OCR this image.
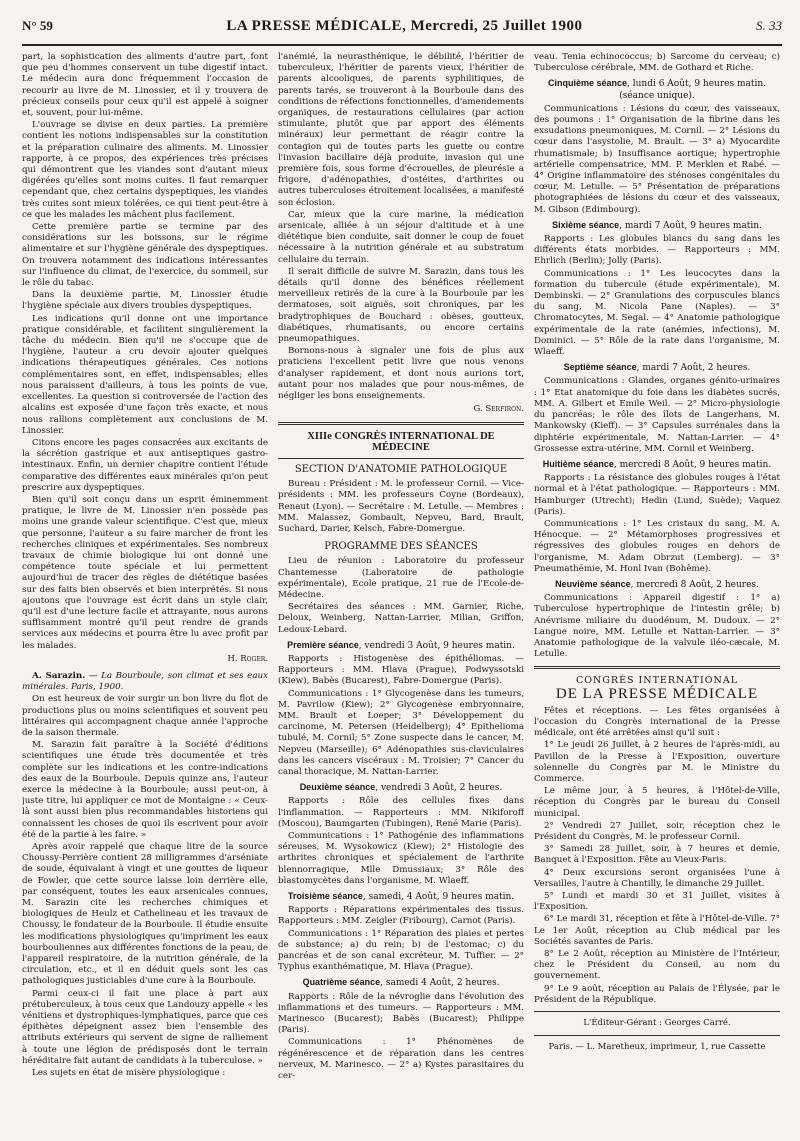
N° 59	LA PRESSE MÉDICALE, Mercredi, 25 Juillet 1900	S. 33

part, la sophistication des aliments d'autre part, font que peu d'hommes conservent un tube digestif intact. Le médecin aura donc fréquemment l'occasion de recourir au livre de M. Linossier, et il y trouvera de précieux conseils pour ceux qu'il est appelé à soigner et, souvent, pour lui-même.

L'ouvrage se divise en deux parties. La première contient les notions indispensables sur la constitution et la préparation culinaire des aliments. M. Linossier rapporte, à ce propos, des expériences très précises qui démontrent que les viandes sont d'autant mieux digérées qu'elles sont moins cuites. Il faut remarquer cependant que, chez certains dyspeptiques, les viandes très cuites sont mieux tolérées, ce qui tient peut-être à ce que les malades les mâchent plus facilement.

Cette première partie se termine par des considérations sur les boissons, sur le régime alimentaire et sur l'hygiène générale des dyspeptiques. On trouvera notamment des indications intéressantes sur l'influence du climat, de l'exercice, du sommeil, sur le rôle du tabac.

Dans la deuxième partie, M. Linossier étudie l'hygiène spéciale aux divers troubles dyspeptiques.

Les indications qu'il donne ont une importance pratique considérable, et facilitent singulièrement la tâche du médecin. Bien qu'il ne s'occupe que de l'hygiène, l'auteur a cru devoir ajouter quelques indications thérapeutiques générales. Ces notions complémentaires sont, en effet, indispensables; elles nous paraissent d'ailleurs, à tous les points de vue, excellentes. La question si controversée de l'action des alcalins est exposée d'une façon très exacte, et nous nous rallions complètement aux conclusions de M. Linossier.

Citons encore les pages consacrées aux excitants de la sécrétion gastrique et aux antiseptiques gastro-intestinaux. Enfin, un dernier chapitre contient l'étude comparative des différentes eaux minérales qu'on peut prescrire aux dyspeptiques.

Bien qu'il soit conçu dans un esprit éminemment pratique, le livre de M. Linossier n'en possède pas moins une grande valeur scientifique. C'est que, mieux que personne, l'auteur a su faire marcher de front les recherches cliniques et expérimentales. Ses nombreux travaux de chimie biologique lui ont donné une compétence toute spéciale et lui permettent aujourd'hui de tracer des règles de diététique basées sur des faits bien observés et bien interprétés. Si nous ajoutons que l'ouvrage est écrit dans un style clair, qu'il est d'une lecture facile et attrayante, nous aurons suffisamment montré qu'il peut rendre de grands services aux médecins et pourra être lu avec profit par les malades.

H. Roger.

A. Sarazin. — La Bourboule, son climat et ses eaux minérales. Paris, 1900.

On est heureux de voir surgir un bon livre du flot de productions plus ou moins scientifiques et souvent peu littéraires qui accompagnent chaque année l'approche de la saison thermale.

M. Sarazin fait paraître à la Société d'éditions scientifiques une étude très documentée et très complète sur les indications et les contre-indications des eaux de la Bourboule. Depuis quinze ans, l'auteur exerce la médecine à la Bourboule; aussi peut-on, à juste titre, lui appliquer ce mot de Montaigne : « Ceux-là sont aussi bien plus recommandables historiens qui connaissent les choses de quoi ils escrivent pour avoir été de la partie à les faire. »

Après avoir rappelé que chaque litre de la source Choussy-Perrière contient 28 milligrammes d'arséniate de soude, équivalant à vingt et une gouttes de liqueur de Fowler, que cette source laisse loin derrière elle, par conséquent, toutes les eaux arsenicales connues, M. Sarazin cite les recherches chimiques et biologiques de Heulz et Cathelineau et les travaux de Choussy, le fondateur de la Bourboule. Il étudie ensuite les modifications physiologiques qu'impriment les eaux bourbouliennes aux différentes fonctions de la peau, de l'appareil respiratoire, de la nutrition générale, de la circulation, etc., et il en déduit quels sont les cas pathologiques justiciables d'une cure à la Bourboule.

Parmi ceux-ci il fait une place à part aux prétuberculeux, à tous ceux que Landouzy appelle « les vénitiens et dystrophiques-lymphatiques, parce que ces épithètes dépeignent assez bien l'ensemble des attributs extérieurs qui servent de signe de ralliement à toute une légion de prédisposés dont le terrain héréditaire fait autant de candidats à la tuberculose. »

Les sujets en état de misère physiologique :

l'anémié, la neurasthénique, le débilité, l'héritier de tuberculeux, l'héritier de parents vieux, l'héritier de parents alcooliques, de parents syphilitiques, de parents tarés, se trouveront à la Bourboule dans des conditions de réfections fonctionnelles, d'amendements organiques, de restaurations cellulaires (par action stimulante, plutôt que par apport des éléments minéraux) leur permettant de réagir contre la contagion qui de toutes parts les guette ou contre l'invasion bacillaire déjà produite, invasion qui une première fois, sous forme d'écrouelles, de pleurésie a frigore, d'adénopathies, d'ostéites, d'arthrites ou autres tuberculoses étroitement localisées, a manifesté son éclosion.

Car, mieux que la cure marine, la médication arsenicale, alliée à un séjour d'altitude et à une diététique bien conduite, sait donner le coup de fouet nécessaire à la nutrition générale et au substratum cellulaire du terrain.

Il serait difficile de suivre M. Sarazin, dans tous les détails qu'il donne des bénéfices réellement merveilleux retirés de la cure à la Bourboule par les dermatoses, soit aiguës, soit chroniques, par les bradytrophiques de Bouchard : obèses, goutteux, diabétiques, rhumatisants, ou encore certains pneumopathiques.

Bornons-nous à signaler une fois de plus aux praticiens l'excellent petit livre que nous venons d'analyser rapidement, et dont nous aurions tort, autant pour nos malades que pour nous-mêmes, de négliger les bons enseignements.

G. Serfiron.
XIIIe CONGRÈS INTERNATIONAL DE MÉDECINE
SECTION D'ANATOMIE PATHOLOGIQUE

Bureau : Président : M. le professeur Cornil. — Vice-présidents : MM. les professeurs Coyne (Bordeaux), Renaut (Lyon). — Secrétaire : M. Letulle. — Membres : MM. Malassez, Gombault, Nepveu, Bard, Brault, Suchard, Darier, Kelsch, Fabre-Domergue.

PROGRAMME DES SÉANCES

Lieu de réunion : Laboratoire du professeur Chantemesse (Laboratoire de pathologie expérimentale), Ecole pratique, 21 rue de l'Ecole-de-Médecine.

Secrétaires des séances : MM. Garnier, Riche, Deloux, Weinberg, Nattan-Larrier, Milian, Griffon, Ledoux-Lebard.

Première séance, vendredi 3 Août, 9 heures matin.

Rapports : Histogenèse des épithéliomas. — Rapporteurs : MM. Hlava (Prague), Podwyssotski (Kiew), Babès (Bucarest), Fabre-Domergue (Paris).

Communications : 1° Glycogenèse dans les tumeurs, M. Pavrilow (Kiew); 2° Glycogenèse embryonnaire, MM. Brault et Loeper; 3° Développement du carcinome, M. Petersen (Heidelberg); 4° Epithelioma tubulé, M. Cornil; 5° Zone suspecte dans le cancer, M. Nepveu (Marseille); 6° Adénopathies sus-claviculaires dans les cancers viscéraux : M. Troisier; 7° Cancer du canal thoracique, M. Nattan-Larrier.

Deuxième séance, vendredi 3 Août, 2 heures.

Rapports : Rôle des cellules fixes dans l'inflammation. — Rapporteurs : MM. Nikiforoff (Moscou), Baumgarten (Tubingen), René Marie (Paris).

Communications : 1° Pathogénie des inflammations séreuses, M. Wysokowicz (Kiew); 2° Histologie des arthrites chroniques et spécialement de l'arthrite blennorragique, Mlle Dmussiaux; 3° Rôle des blastomycètes dans l'organisme, M. Wlaeff.

Troisième séance, samedi, 4 Août, 9 heures matin.

Rapports : Réparations expérimentales des tissus. Rapporteurs : MM. Zeigler (Fribourg), Carnot (Paris).

Communications : 1° Réparation des plaies et pertes de substance; a) du rein; b) de l'estomac; c) du pancréas et de son canal excréteur, M. Tuffier. — 2° Typhus exanthématique, M. Hlava (Prague).

Quatrième séance, samedi 4 Août, 2 heures.

Rapports : Rôle de la névroglie dans l'évolution des inflammations et des tumeurs. — Rapporteurs : MM. Marinesco (Bucarest); Babès (Bucarest); Philippe (Paris).

Communications : 1° Phénomènes de régénérescence et de réparation dans les centres nerveux, M. Marinesco. — 2° a) Kystes parasitaires du cer-

veau. Tenia echinococcus; b) Sarcome du cerveau; c) Tuberculose cérébrale, MM. de Gothard et Riche.

Cinquième séance, lundi 6 Août, 9 heures matin. (séance unique).

Communications : Lésions du cœur, des vaisseaux, des poumons : 1° Organisation de la fibrine dans les exsudations pneumoniques, M. Cornil. — 2° Lésions du cœur dans l'asystolie, M. Brault. — 3° a) Myocardite rhumatismale; b) Insuffisance aortique; hypertrophie artérielle compensatrice, MM. P. Merklen et Rabé. — 4° Origine inflammatoire des sténoses congénitales du cœur, M. Letulle. — 5° Présentation de préparations photographiées de lésions du cœur et des vaisseaux, M. Gibson (Edimbourg).

Sixième séance, mardi 7 Août, 9 heures matin.

Rapports : Les globules blancs du sang dans les différents états morbides. — Rapporteurs : MM. Ehrlich (Berlin); Jolly (Paris).

Communications : 1° Les leucocytes dans la formation du tubercule (étude expérimentale), M. Dembinski. — 2° Granulations des corpuscules blancs du sang, M. Nicola Pane (Naples). — 3° Chromatocytes, M. Segal. — 4° Anatomie pathologique expérimentale de la rate (anémies, infections), M. Dominici. — 5° Rôle de la rate dans l'organisme, M. Wlaeff.

Septième séance, mardi 7 Août, 2 heures.

Communications : Glandes, organes génito-urinaires : 1° Etat anatomique du foie dans les diabètes sucrés, MM. A. Gilbert et Emile Weil. — 2° Micro-physiologie du pancréas; le rôle des îlots de Langerhans, M. Mankowsky (Kieff). — 3° Capsules surrénales dans la diphtérie expérimentale, M. Nattan-Larrier. — 4° Grossesse extra-utérine, MM. Cornil et Weinberg.

Huitième séance, mercredi 8 Août, 9 heures matin.

Rapports : La résistance des globules rouges à l'état normal et à l'état pathologique. — Rapporteurs : MM. Hamburger (Utrecht); Hedin (Lund, Suède); Vaquez (Paris).

Communications : 1° Les cristaux du sang, M. A. Hénocque. — 2° Métamorphoses progressives et régressives des globules rouges en dehors de l'organisme, M. Adam Obrzut (Lemberg). — 3° Pneumathémie, M. Honl Ivan (Bohême).

Neuvième séance, mercredi 8 Août, 2 heures.

Communications : Appareil digestif : 1° a) Tuberculose hypertrophique de l'intestin grêle; b) Anévrisme miliaire du duodénum, M. Dudoux. — 2° Langue noire, MM. Letulle et Nattan-Larrier. — 3° Anatomie pathologique de la valvule iléo-cæcale, M. Letulle.

CONGRÈS INTERNATIONAL
DE LA PRESSE MÉDICALE

Fêtes et réceptions. — Les fêtes organisées à l'occasion du Congrès international de la Presse médicale, ont été arrêtées ainsi qu'il suit :

1° Le jeudi 26 Juillet, à 2 heures de l'après-midi, au Pavillon de la Presse à l'Exposition, ouverture solennelle du Congrès par M. le Ministre du Commerce.

Le même jour, à 5 heures, à l'Hôtel-de-Ville, réception du Congrès par le bureau du Conseil municipal.

2° Vendredi 27 Juillet, soir, réception chez le Président du Congrès, M. le professeur Cornil.

3° Samedi 28 Juillet, soir, à 7 heures et demie, Banquet à l'Exposition. Fête au Vieux-Paris.

4° Deux excursions seront organisées l'une à Versailles, l'autre à Chantilly, le dimanche 29 Juillet.

5° Lundi et mardi 30 et 31 Juillet, visites à l'Exposition.

6° Le mardi 31, réception et fête à l'Hôtel-de-Ville. 7° Le 1er Août, réception au Club médical par les Sociétés savantes de Paris.

8° Le 2 Août, réception au Ministère de l'Intérieur, chez le Président du Conseil, au nom du gouvernement.

9° Le 9 août, réception au Palais de l'Élysée, par le Président de la République.

L'Éditeur-Gérant : Georges Carré.
Paris. — L. Maretheux, imprimeur, 1, rue Cassette
